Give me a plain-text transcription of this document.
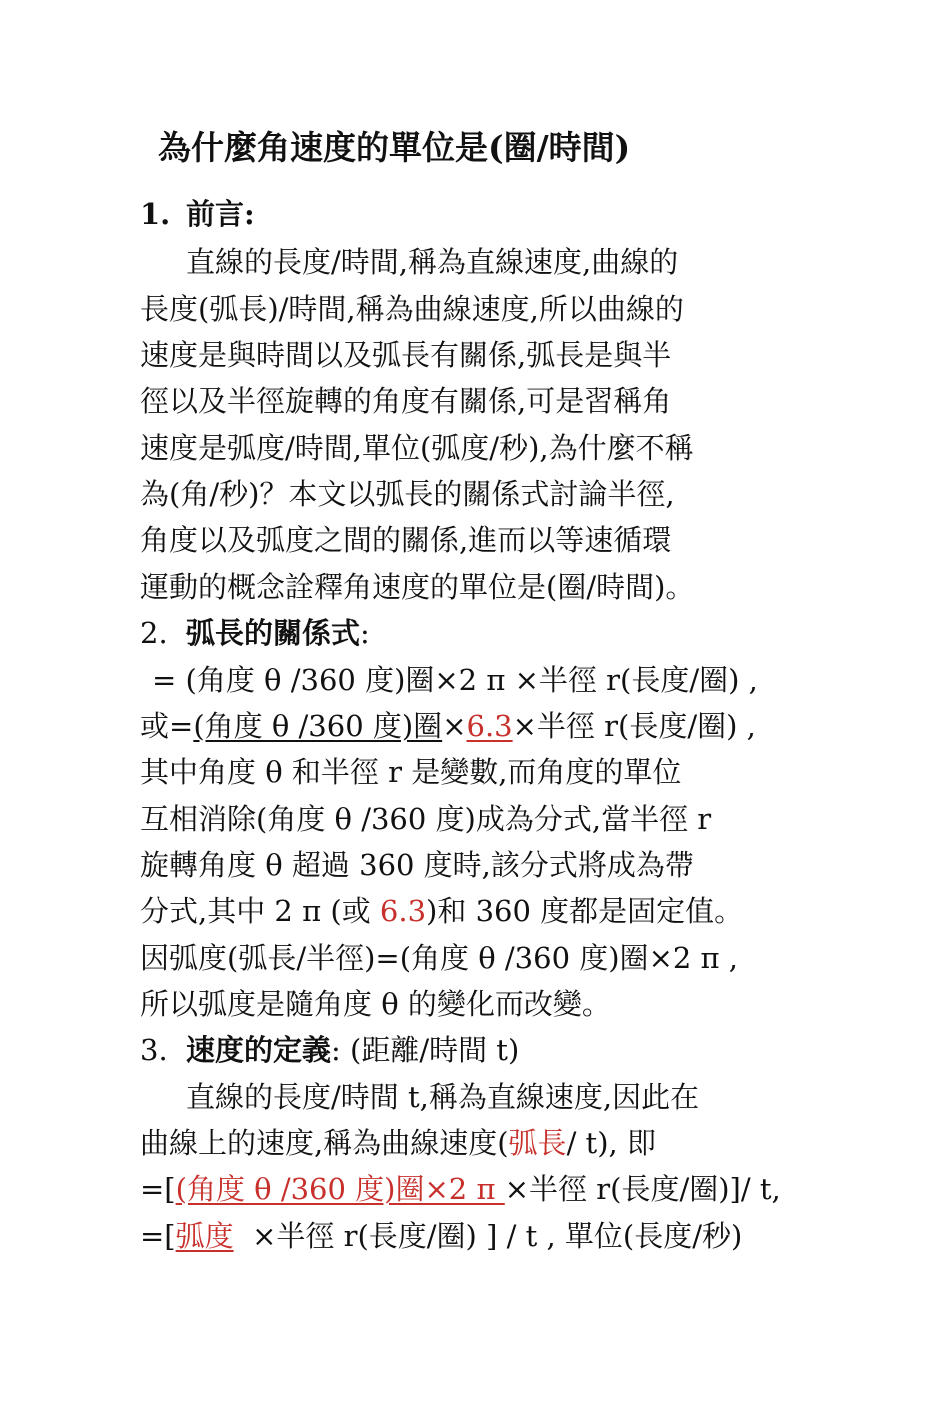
為什麼角速度的單位是(圈/時間)
1. 前言:
直線的長度/時間,稱為直線速度,曲線的
長度(弧長)/時間,稱為曲線速度,所以曲線的
速度是與時間以及弧長有關係,弧長是與半
徑以及半徑旋轉的角度有關係,可是習稱角
速度是弧度/時間,單位(弧度/秒),為什麼不稱
為(角/秒)？本文以弧長的關係式討論半徑,
角度以及弧度之間的關係,進而以等速循環
運動的概念詮釋角速度的單位是(圈/時間)。
2. 弧長的關係式:
= (角度 θ /360 度)圈×2 π ×半徑 r(長度/圈) ,
或=(角度 θ /360 度)圈×6.3×半徑 r(長度/圈) ,
其中角度 θ 和半徑 r 是變數,而角度的單位
互相消除(角度 θ /360 度)成為分式,當半徑 r
旋轉角度 θ 超過 360 度時,該分式將成為帶
分式,其中 2 π (或 6.3)和 360 度都是固定值。
因弧度(弧長/半徑)=(角度 θ /360 度)圈×2 π ,
所以弧度是隨角度 θ 的變化而改變。
3. 速度的定義: (距離/時間 t)
直線的長度/時間 t,稱為直線速度,因此在
曲線上的速度,稱為曲線速度(弧長/ t), 即
=[(角度 θ /360 度)圈×2 π ×半徑 r(長度/圈)]/ t,
=[弧度  ×半徑 r(長度/圈) ] / t , 單位(長度/秒)
